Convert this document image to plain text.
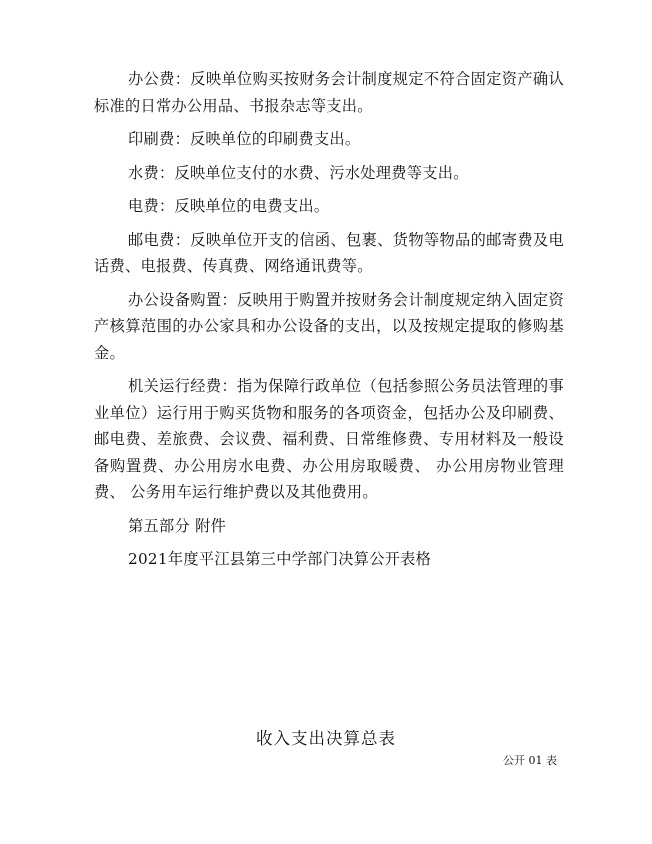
办公费：反映单位购买按财务会计制度规定不符合固定资产确认标准的日常办公用品、书报杂志等支出。

印刷费：反映单位的印刷费支出。

水费：反映单位支付的水费、污水处理费等支出。

电费：反映单位的电费支出。

邮电费：反映单位开支的信函、包裹、货物等物品的邮寄费及电话费、电报费、传真费、网络通讯费等。

办公设备购置：反映用于购置并按财务会计制度规定纳入固定资产核算范围的办公家具和办公设备的支出，以及按规定提取的修购基金。

机关运行经费：指为保障行政单位（包括参照公务员法管理的事业单位）运行用于购买货物和服务的各项资金，包括办公及印刷费、邮电费、差旅费、会议费、福利费、日常维修费、专用材料及一般设备购置费、办公用房水电费、办公用房取暖费、 办公用房物业管理费、 公务用车运行维护费以及其他费用。

第五部分 附件

2021年度平江县第三中学部门决算公开表格

收入支出决算总表

公开 01 表
